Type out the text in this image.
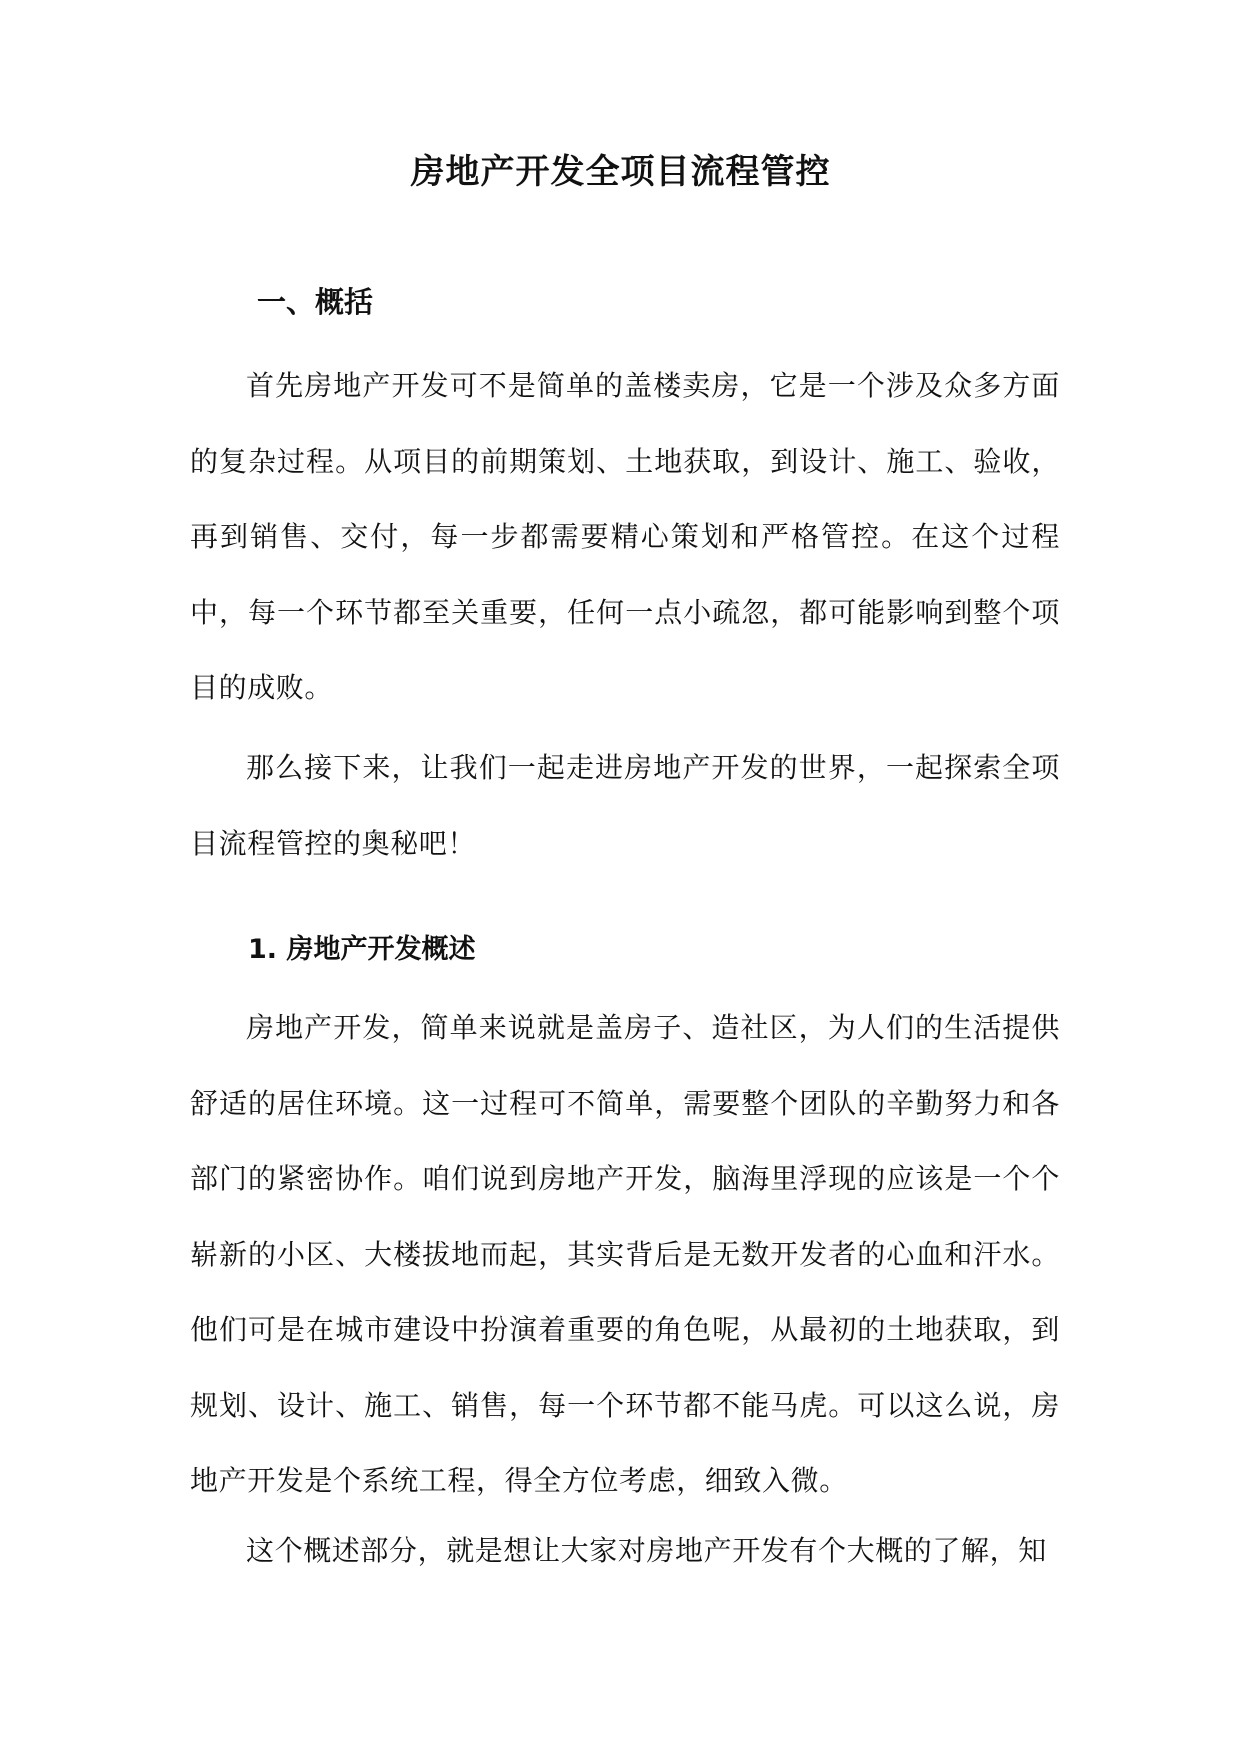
房地产开发全项目流程管控
一、概括

首先房地产开发可不是简单的盖楼卖房，它是一个涉及众多方面的复杂过程。从项目的前期策划、土地获取，到设计、施工、验收，再到销售、交付，每一步都需要精心策划和严格管控。在这个过程中，每一个环节都至关重要，任何一点小疏忽，都可能影响到整个项目的成败。

那么接下来，让我们一起走进房地产开发的世界，一起探索全项目流程管控的奥秘吧！

1. 房地产开发概述

房地产开发，简单来说就是盖房子、造社区，为人们的生活提供舒适的居住环境。这一过程可不简单，需要整个团队的辛勤努力和各部门的紧密协作。咱们说到房地产开发，脑海里浮现的应该是一个个崭新的小区、大楼拔地而起，其实背后是无数开发者的心血和汗水。他们可是在城市建设中扮演着重要的角色呢，从最初的土地获取，到规划、设计、施工、销售，每一个环节都不能马虎。可以这么说，房地产开发是个系统工程，得全方位考虑，细致入微。

这个概述部分，就是想让大家对房地产开发有个大概的了解，知
